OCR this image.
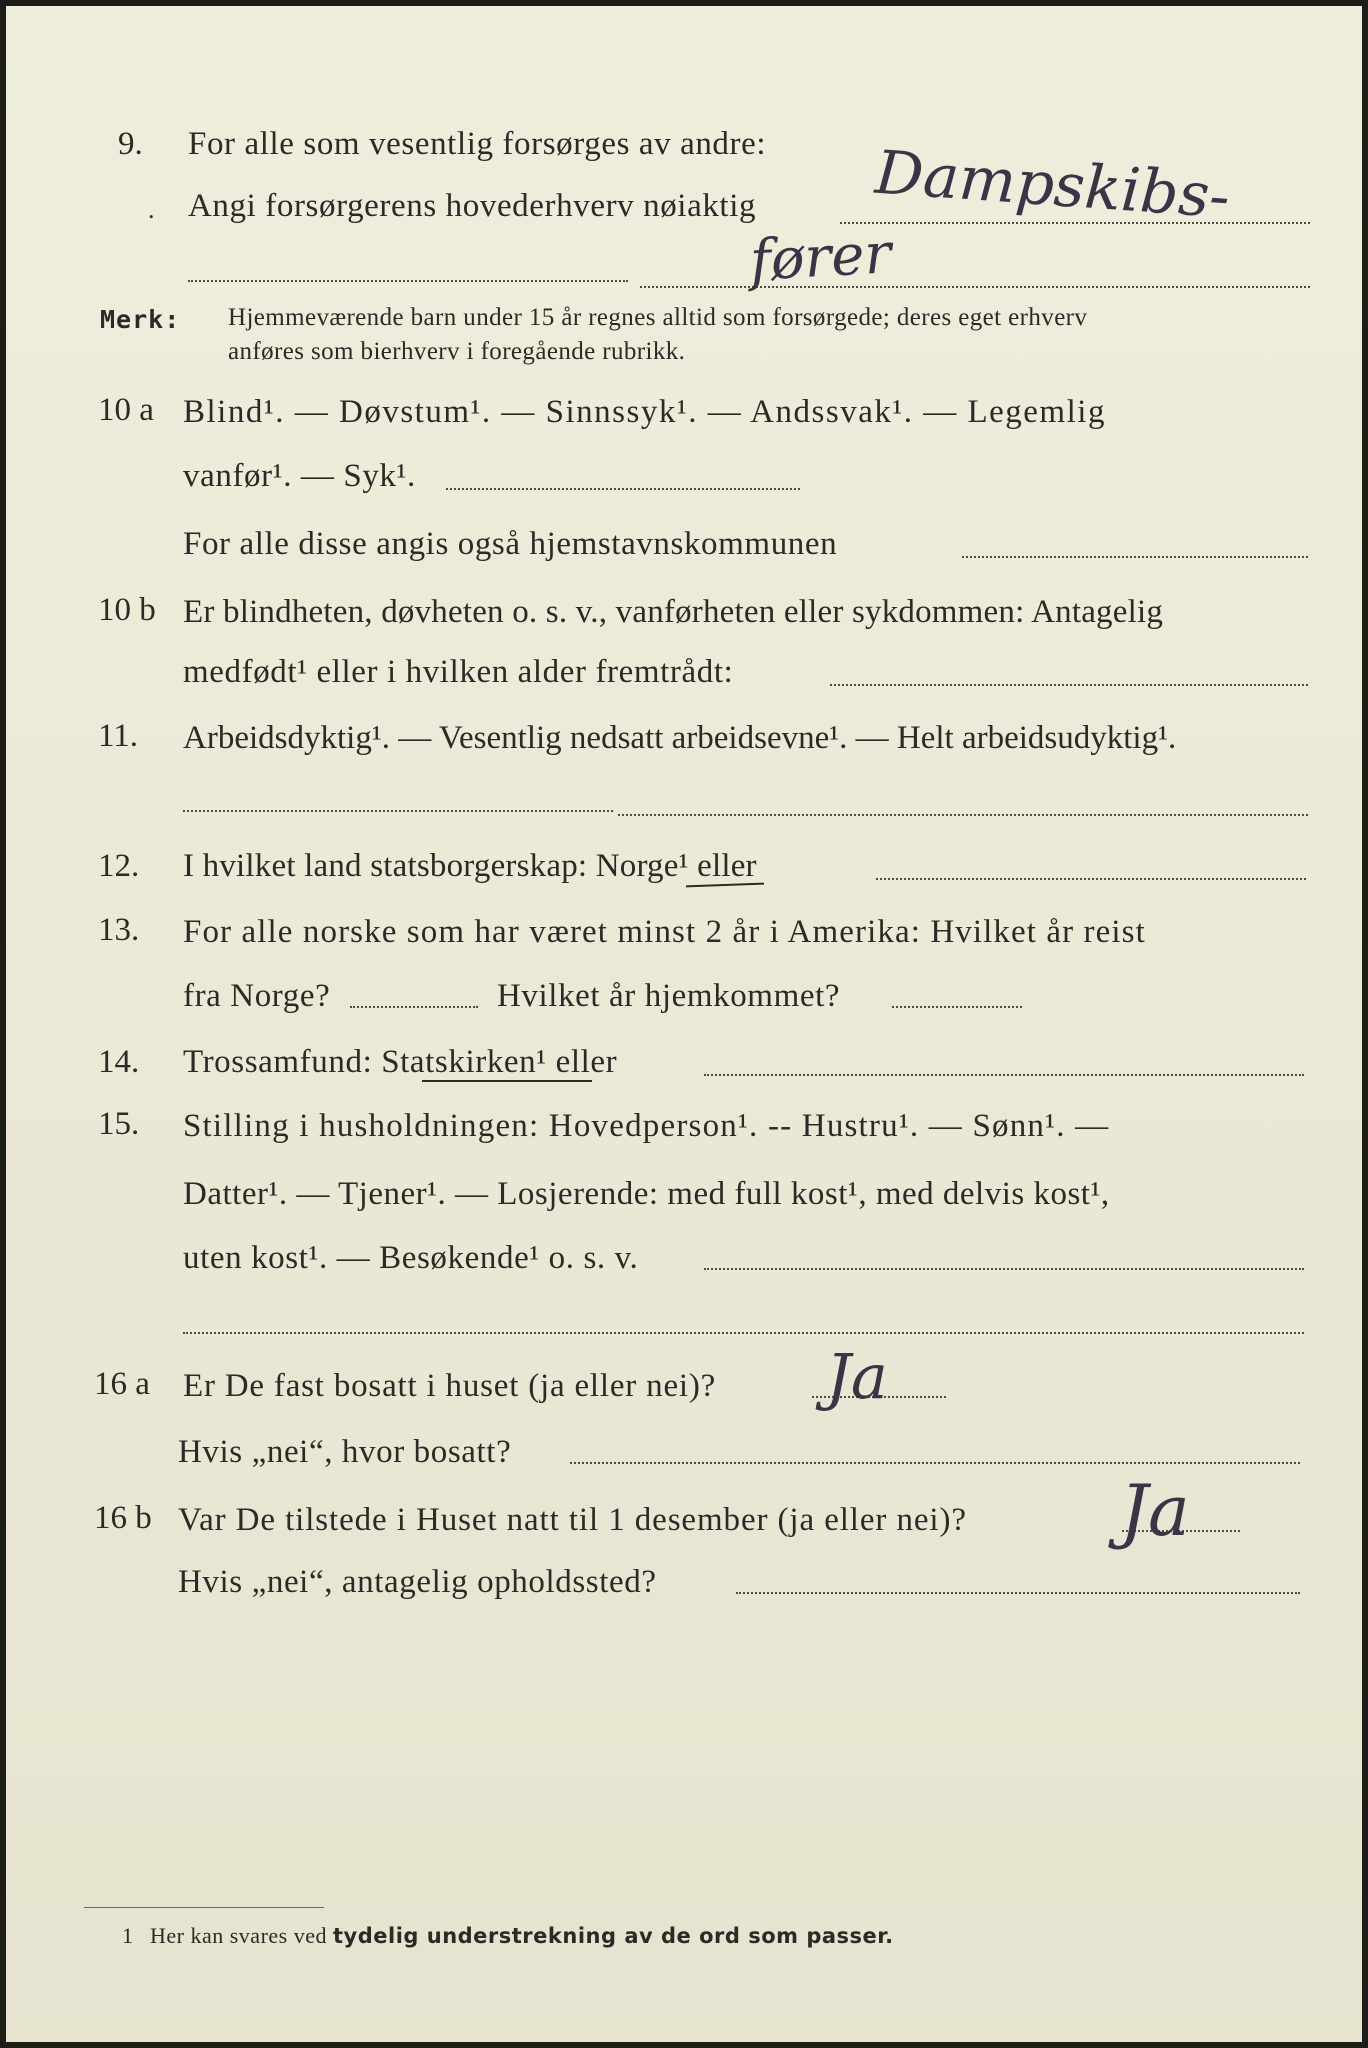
9. For alle som vesentlig forsørges av andre:
. Angi forsørgerens hovederhverv nøiaktig Dampskibs-
fører
Merk: Hjemmeværende barn under 15 år regnes alltid som forsørgede; deres eget erhverv
anføres som bierhverv i foregående rubrikk.
10 a Blind¹. — Døvstum¹. — Sinnssyk¹. — Andssvak¹. — Legemlig
vanfør¹. — Syk¹.
For alle disse angis også hjemstavnskommunen
10 b Er blindheten, døvheten o. s. v., vanførheten eller sykdommen: Antagelig
medfødt¹ eller i hvilken alder fremtrådt:
11. Arbeidsdyktig¹. — Vesentlig nedsatt arbeidsevne¹. — Helt arbeidsudyktig¹.
12. I hvilket land statsborgerskap: Norge¹ eller
13. For alle norske som har været minst 2 år i Amerika: Hvilket år reist
fra Norge?	Hvilket år hjemkommet?
14. Trossamfund: Statskirken¹ eller
15. Stilling i husholdningen: Hovedperson¹. -- Hustru¹. — Sønn¹. —
Datter¹. — Tjener¹. — Losjerende: med full kost¹, med delvis kost¹,
uten kost¹. — Besøkende¹ o. s. v.
16 a Er De fast bosatt i huset (ja eller nei)? Ja
Hvis „nei“, hvor bosatt?
16 b Var De tilstede i Huset natt til 1 desember (ja eller nei)? Ja
Hvis „nei“, antagelig opholdssted?
1 Her kan svares ved tydelig understrekning av de ord som passer.
